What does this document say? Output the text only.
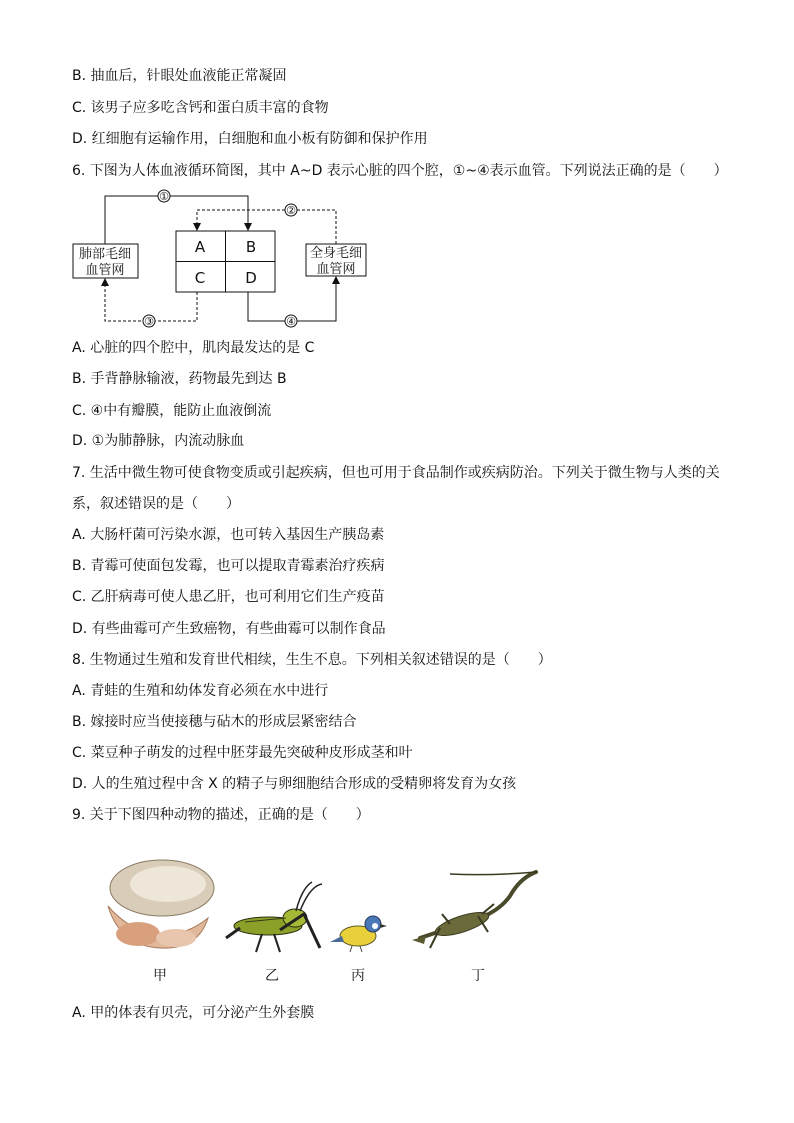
B. 抽血后，针眼处血液能正常凝固
C. 该男子应多吃含钙和蛋白质丰富的食物
D. 红细胞有运输作用，白细胞和血小板有防御和保护作用
6. 下图为人体血液循环简图，其中 A~D 表示心脏的四个腔，①~④表示血管。下列说法正确的是（　　）
肺部毛细
血管网
全身毛细
血管网
A	B
C	D
①
②
③	④
A. 心脏的四个腔中，肌肉最发达的是 C
B. 手背静脉输液，药物最先到达 B
C. ④中有瓣膜，能防止血液倒流
D. ①为肺静脉，内流动脉血
7. 生活中微生物可使食物变质或引起疾病，但也可用于食品制作或疾病防治。下列关于微生物与人类的关
系，叙述错误的是（　　）
A. 大肠杆菌可污染水源，也可转入基因生产胰岛素
B. 青霉可使面包发霉，也可以提取青霉素治疗疾病
C. 乙肝病毒可使人患乙肝，也可利用它们生产疫苗
D. 有些曲霉可产生致癌物，有些曲霉可以制作食品
8. 生物通过生殖和发育世代相续，生生不息。下列相关叙述错误的是（　　）
A. 青蛙的生殖和幼体发育必须在水中进行
B. 嫁接时应当使接穗与砧木的形成层紧密结合
C. 菜豆种子萌发的过程中胚芽最先突破种皮形成茎和叶
D. 人的生殖过程中含 X 的精子与卵细胞结合形成的受精卵将发育为女孩
9. 关于下图四种动物的描述，正确的是（　　）
甲	乙	丙	丁
A. 甲的体表有贝壳，可分泌产生外套膜
